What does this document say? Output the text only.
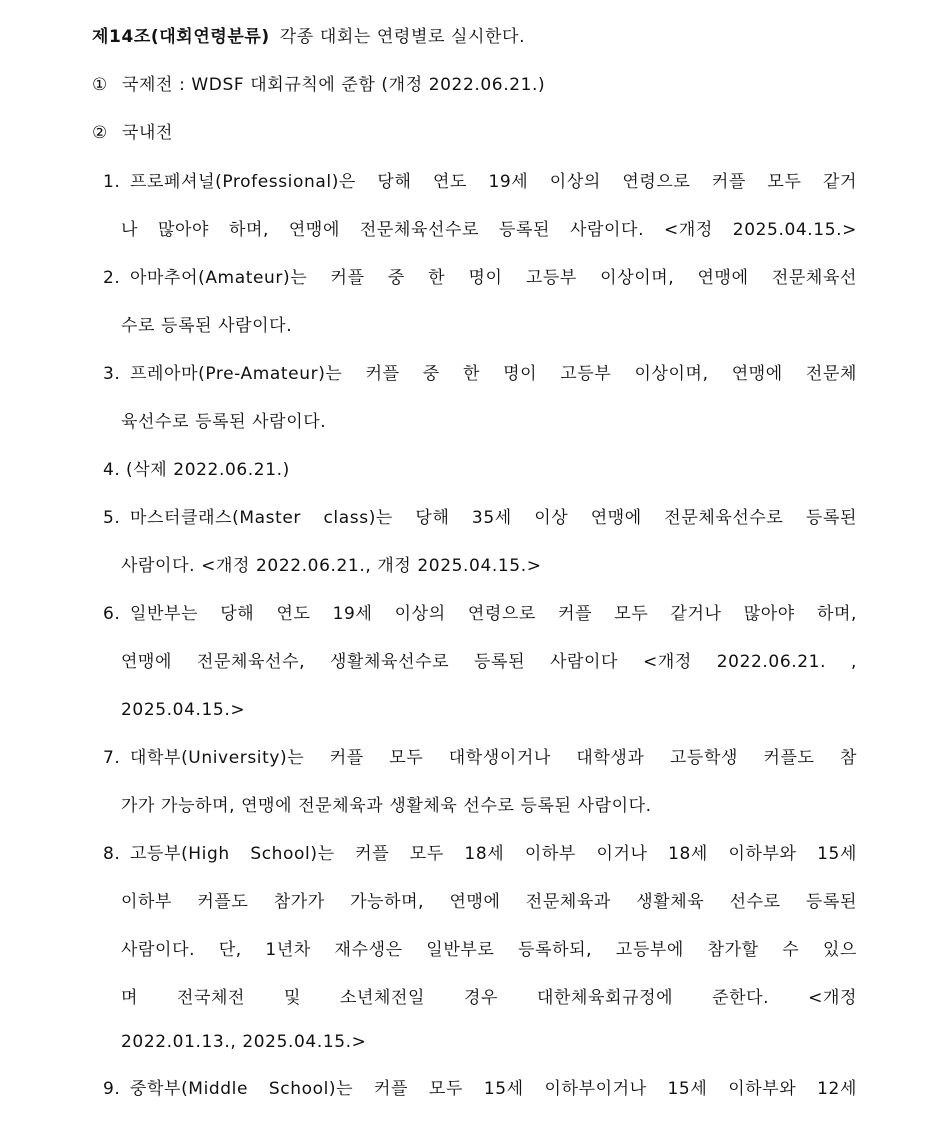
제14조(대회연령분류) 각종 대회는 연령별로 실시한다.
① 국제전 : WDSF 대회규칙에 준함 (개정 2022.06.21.)
② 국내전
1. 프로페셔널(Professional)은 당해 연도 19세 이상의 연령으로 커플 모두 같거
나 많아야 하며, 연맹에 전문체육선수로 등록된 사람이다. <개정 2025.04.15.>
2. 아마추어(Amateur)는 커플 중 한 명이 고등부 이상이며, 연맹에 전문체육선
수로 등록된 사람이다.
3. 프레아마(Pre-Amateur)는 커플 중 한 명이 고등부 이상이며, 연맹에 전문체
육선수로 등록된 사람이다.
4. (삭제 2022.06.21.)
5. 마스터클래스(Master class)는 당해 35세 이상 연맹에 전문체육선수로 등록된
사람이다. <개정 2022.06.21., 개정 2025.04.15.>
6. 일반부는 당해 연도 19세 이상의 연령으로 커플 모두 같거나 많아야 하며,
연맹에 전문체육선수, 생활체육선수로 등록된 사람이다 <개정 2022.06.21. ,
2025.04.15.>
7. 대학부(University)는 커플 모두 대학생이거나 대학생과 고등학생 커플도 참
가가 가능하며, 연맹에 전문체육과 생활체육 선수로 등록된 사람이다.
8. 고등부(High School)는 커플 모두 18세 이하부 이거나 18세 이하부와 15세
이하부 커플도 참가가 가능하며, 연맹에 전문체육과 생활체육 선수로 등록된
사람이다. 단, 1년차 재수생은 일반부로 등록하되, 고등부에 참가할 수 있으
며 전국체전 및 소년체전일 경우 대한체육회규정에 준한다. <개정
2022.01.13., 2025.04.15.>
9. 중학부(Middle School)는 커플 모두 15세 이하부이거나 15세 이하부와 12세
